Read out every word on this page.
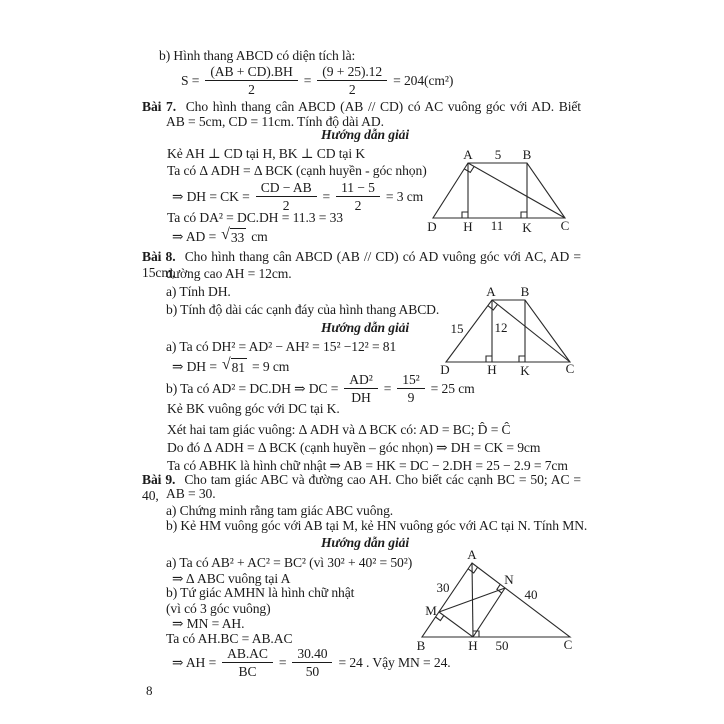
b) Hình thang ABCD có diện tích là:
$S = \frac{(AB + CD).BH}{2} = \frac{(9 + 25).12}{2} = 204(cm^2)$
Bài 7. Cho hình thang cân ABCD (AB // CD) có AC vuông góc với AD. Biết
AB = 5cm, CD = 11cm. Tính độ dài AD.
Hướng dẫn giải
Kẻ AH ⊥ CD tại H, BK ⊥ CD tại K
Ta có Δ ADH = Δ BCK (cạnh huyền - góc nhọn)
⇒ DH = CK = $\frac{CD - AB}{2} = \frac{11 - 5}{2} = 3$ cm
Ta có DA² = DC.DH = 11.3 = 33
⇒ AD = √ 33 cm
A 5 B
D H 11 K C
Bài 8. Cho hình thang cân ABCD (AB // CD) có AD vuông góc với AC, AD = 15cm,
đường cao AH = 12cm.
a) Tính DH.
b) Tính độ dài các cạnh đáy của hình thang ABCD.
Hướng dẫn giải
a) Ta có DH² = AD² − AH² = 15² −12² = 81
⇒ DH = √ 81 = 9 cm
b) Ta có AD² = DC.DH ⇒ DC = $\frac{\text{AD²}}{DH} = \frac{\text{15²}}{9} = 25$ cm
Kẻ BK vuông góc với DC tại K.
Xét hai tam giác vuông: Δ ADH và Δ BCK có: AD = BC; D̂ = Ĉ
Do đó Δ ADH = Δ BCK (cạnh huyền – góc nhọn) ⇒ DH = CK = 9cm
Ta có ABHK là hình chữ nhật ⇒ AB = HK = DC − 2.DH = 25 − 2.9 = 7cm
A B
15 12
D	H K	C
Bài 9. Cho tam giác ABC và đường cao AH. Cho biết các cạnh BC = 50; AC = 40, AB = 30.
a) Chứng minh rằng tam giác ABC vuông.
b) Kẻ HM vuông góc với AB tại M, kẻ HN vuông góc với AC tại N. Tính MN.
Hướng dẫn giải
a) Ta có AB² + AC² = BC² (vì 30² + 40² = 50²)
⇒ Δ ABC vuông tại A
b) Tứ giác AMHN là hình chữ nhật
(vì có 3 góc vuông)
⇒ MN = AH.
Ta có AH.BC = AB.AC
⇒ AH = $\frac{AB.AC}{BC} = \frac{30.40}{50} = 24$ . Vậy MN = 24.
A
30
N
40
M
B	H 50	C
8
